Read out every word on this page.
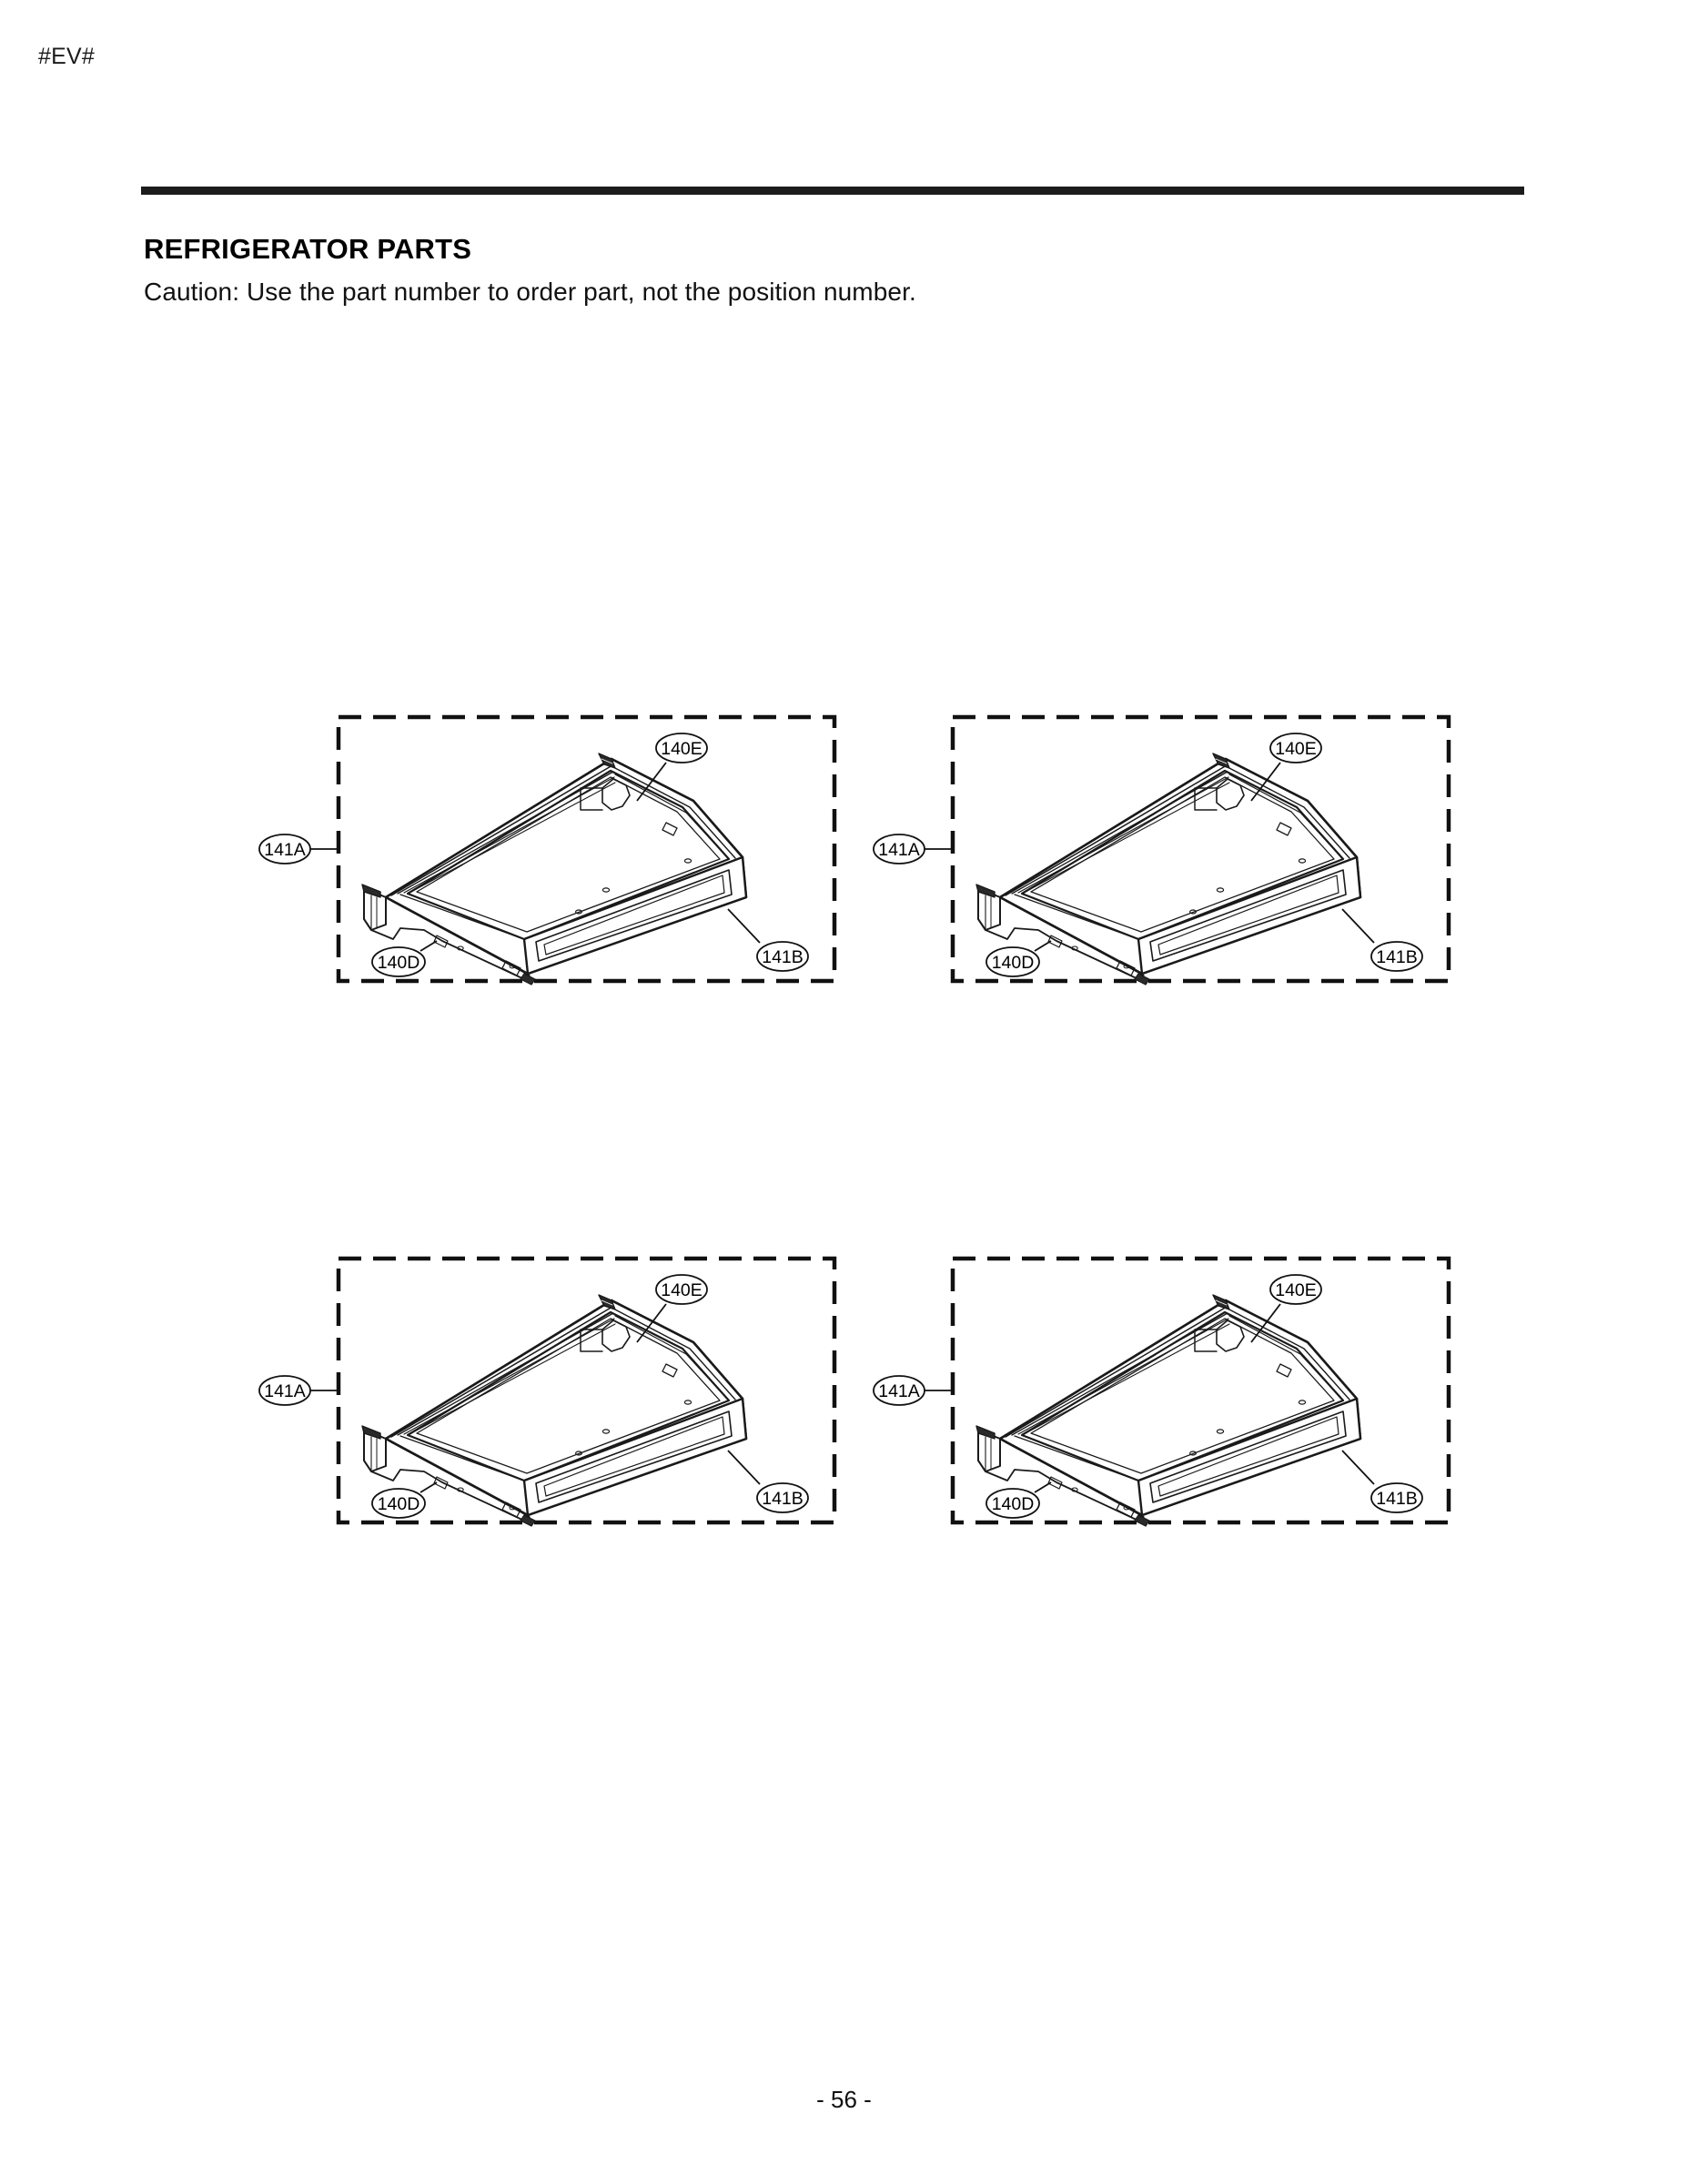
#EV#
REFRIGERATOR PARTS

Caution: Use the part number to order part, not the position number.

141A
140E
140D	141B
141A
140E
140D	141B
141A
140E
140D	141B
141A
140E
140D	141B
- 56 -
